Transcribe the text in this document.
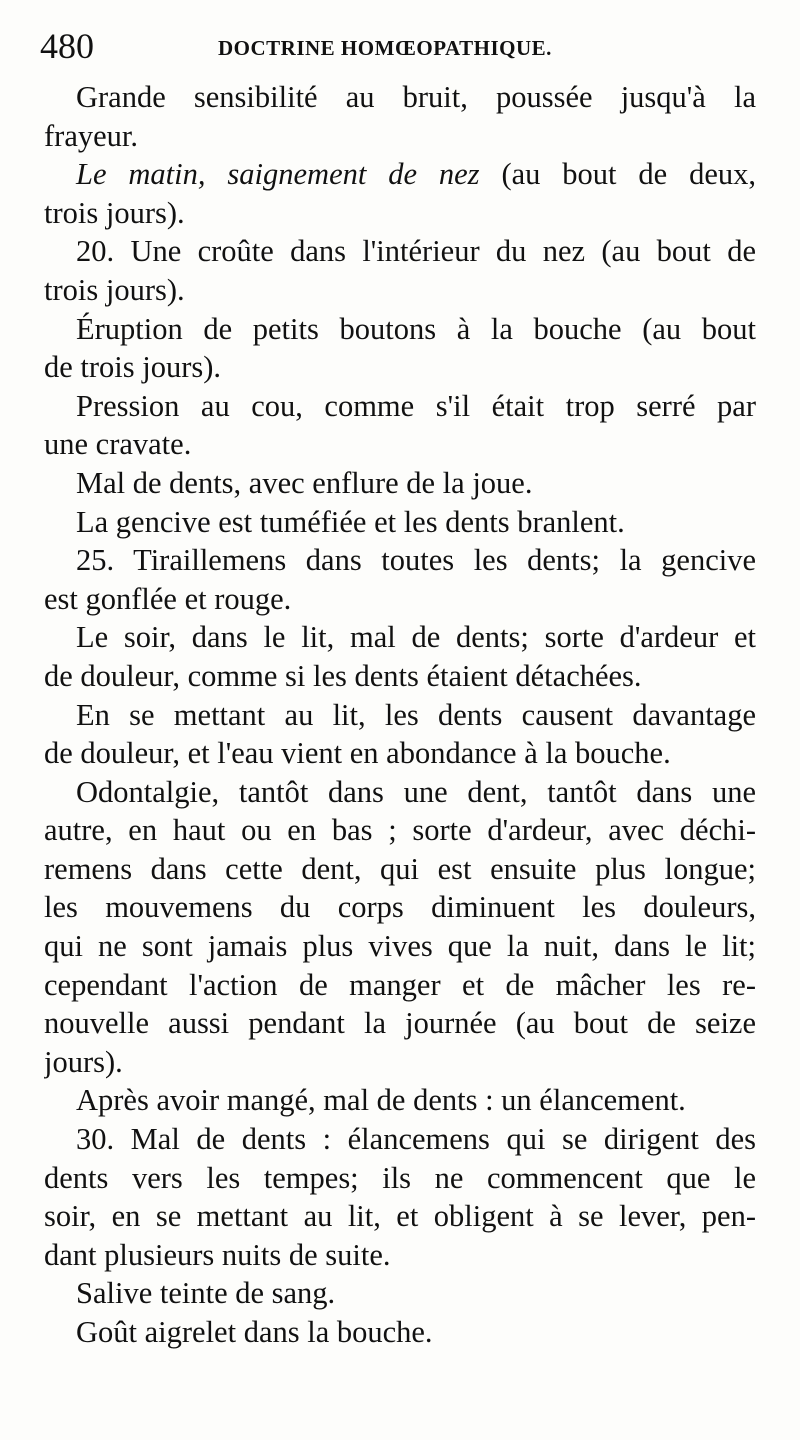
480	DOCTRINE HOMŒOPATHIQUE.
Grande sensibilité au bruit, poussée jusqu'à la
frayeur.
Le matin, saignement de nez (au bout de deux,
trois jours).
20. Une croûte dans l'intérieur du nez (au bout de
trois jours).
Éruption de petits boutons à la bouche (au bout
de trois jours).
Pression au cou, comme s'il était trop serré par
une cravate.
Mal de dents, avec enflure de la joue.
La gencive est tuméfiée et les dents branlent.
25. Tiraillemens dans toutes les dents; la gencive
est gonflée et rouge.
Le soir, dans le lit, mal de dents; sorte d'ardeur et
de douleur, comme si les dents étaient détachées.
En se mettant au lit, les dents causent davantage
de douleur, et l'eau vient en abondance à la bouche.
Odontalgie, tantôt dans une dent, tantôt dans une
autre, en haut ou en bas ; sorte d'ardeur, avec déchi-
remens dans cette dent, qui est ensuite plus longue;
les mouvemens du corps diminuent les douleurs,
qui ne sont jamais plus vives que la nuit, dans le lit;
cependant l'action de manger et de mâcher les re-
nouvelle aussi pendant la journée (au bout de seize
jours).
Après avoir mangé, mal de dents : un élancement.
30. Mal de dents : élancemens qui se dirigent des
dents vers les tempes; ils ne commencent que le
soir, en se mettant au lit, et obligent à se lever, pen-
dant plusieurs nuits de suite.
Salive teinte de sang.
Goût aigrelet dans la bouche.
